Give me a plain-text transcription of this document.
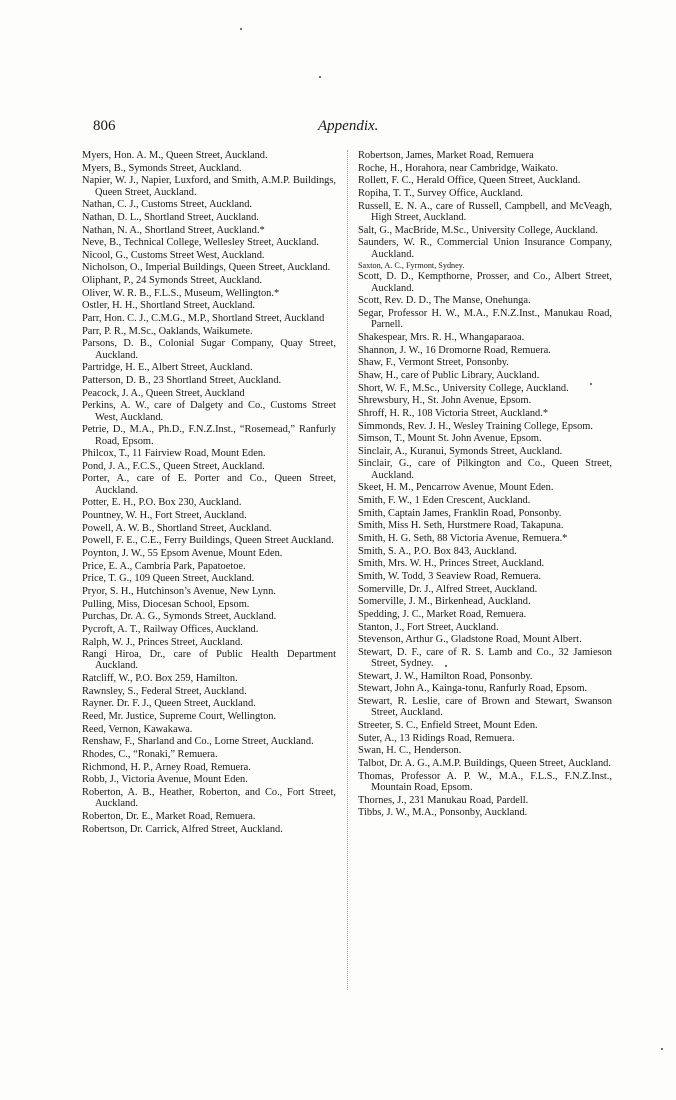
806	Appendix.

Myers, Hon. A. M., Queen Street, Auckland.

Myers, B., Symonds Street, Auckland.

Napier, W. J., Napier, Luxford, and Smith, A.M.P. Buildings, Queen Street, Auckland.

Nathan, C. J., Customs Street, Auckland.

Nathan, D. L., Shortland Street, Auckland.

Nathan, N. A., Shortland Street, Auckland.*

Neve, B., Technical College, Wellesley Street, Auckland.

Nicool, G., Customs Street West, Auckland.

Nicholson, O., Imperial Buildings, Queen Street, Auckland.

Oliphant, P., 24 Symonds Street, Auckland.

Oliver, W. R. B., F.L.S., Museum, Wellington.*

Ostler, H. H., Shortland Street, Auckland.

Parr, Hon. C. J., C.M.G., M.P., Shortland Street, Auckland

Parr, P. R., M.Sc., Oaklands, Waikumete.

Parsons, D. B., Colonial Sugar Company, Quay Street, Auckland.

Partridge, H. E., Albert Street, Auckland.

Patterson, D. B., 23 Shortland Street, Auckland.

Peacock, J. A., Queen Street, Auckland

Perkins, A. W., care of Dalgety and Co., Customs Street West, Auckland.

Petrie, D., M.A., Ph.D., F.N.Z.Inst., “Rosemead,” Ranfurly Road, Epsom.

Philcox, T., 11 Fairview Road, Mount Eden.

Pond, J. A., F.C.S., Queen Street, Auckland.

Porter, A., care of E. Porter and Co., Queen Street, Auckland.

Potter, E. H., P.O. Box 230, Auckland.

Pountney, W. H., Fort Street, Auckland.

Powell, A. W. B., Shortland Street, Auckland.

Powell, F. E., C.E., Ferry Buildings, Queen Street Auckland.

Poynton, J. W., 55 Epsom Avenue, Mount Eden.

Price, E. A., Cambria Park, Papatoetoe.

Price, T. G., 109 Queen Street, Auckland.

Pryor, S. H., Hutchinson’s Avenue, New Lynn.

Pulling, Miss, Diocesan School, Epsom.

Purchas, Dr. A. G., Symonds Street, Auckland.

Pycroft, A. T., Railway Offices, Auckland.

Ralph, W. J., Princes Street, Auckland.

Rangi Hiroa, Dr., care of Public Health Department Auckland.

Ratcliff, W., P.O. Box 259, Hamilton.

Rawnsley, S., Federal Street, Auckland.

Rayner. Dr. F. J., Queen Street, Auckland.

Reed, Mr. Justice, Supreme Court, Wellington.

Reed, Vernon, Kawakawa.

Renshaw, F., Sharland and Co., Lorne Street, Auckland.

Rhodes, C., “Ronaki,” Remuera.

Richmond, H. P., Arney Road, Remuera.

Robb, J., Victoria Avenue, Mount Eden.

Roberton, A. B., Heather, Roberton, and Co., Fort Street, Auckland.

Roberton, Dr. E., Market Road, Remuera.

Robertson, Dr. Carrick, Alfred Street, Auckland.

Robertson, James, Market Road, Remuera

Roche, H., Horahora, near Cambridge, Waikato.

Rollett, F. C., Herald Office, Queen Street, Auckland.

Ropiha, T. T., Survey Office, Auckland.

Russell, E. N. A., care of Russell, Campbell, and McVeagh, High Street, Auckland.

Salt, G., MacBride, M.Sc., University College, Auckland.

Saunders, W. R., Commercial Union Insurance Company, Auckland.

Saxton, A. C., Fyrmont, Sydney.

Scott, D. D., Kempthorne, Prosser, and Co., Albert Street, Auckland.

Scott, Rev. D. D., The Manse, Onehunga.

Segar, Professor H. W., M.A., F.N.Z.Inst., Manukau Road, Parnell.

Shakespear, Mrs. R. H., Whangaparaoa.

Shannon, J. W., 16 Dromorne Road, Remuera.

Shaw, F., Vermont Street, Ponsonby.

Shaw, H., care of Public Library, Auckland.

Short, W. F., M.Sc., University College, Auckland.

Shrewsbury, H., St. John Avenue, Epsom.

Shroff, H. R., 108 Victoria Street, Auckland.*

Simmonds, Rev. J. H., Wesley Training College, Epsom.

Simson, T., Mount St. John Avenue, Epsom.

Sinclair, A., Kuranui, Symonds Street, Auckland.

Sinclair, G., care of Pilkington and Co., Queen Street, Auckland.

Skeet, H. M., Pencarrow Avenue, Mount Eden.

Smith, F. W., 1 Eden Crescent, Auckland.

Smith, Captain James, Franklin Road, Ponsonby.

Smith, Miss H. Seth, Hurstmere Road, Takapuna.

Smith, H. G. Seth, 88 Victoria Avenue, Remuera.*

Smith, S. A., P.O. Box 843, Auckland.

Smith, Mrs. W. H., Princes Street, Auckland.

Smith, W. Todd, 3 Seaview Road, Remuera.

Somerville, Dr. J., Alfred Street, Auckland.

Somerville, J. M., Birkenhead, Auckland.

Spedding, J. C., Market Road, Remuera.

Stanton, J., Fort Street, Auckland.

Stevenson, Arthur G., Gladstone Road, Mount Albert.

Stewart, D. F., care of R. S. Lamb and Co., 32 Jamieson Street, Sydney.

Stewart, J. W., Hamilton Road, Ponsonby.

Stewart, John A., Kainga-tonu, Ranfurly Road, Epsom.

Stewart, R. Leslie, care of Brown and Stewart, Swanson Street, Auckland.

Streeter, S. C., Enfield Street, Mount Eden.

Suter, A., 13 Ridings Road, Remuera.

Swan, H. C., Henderson.

Talbot, Dr. A. G., A.M.P. Buildings, Queen Street, Auckland.

Thomas, Professor A. P. W., M.A., F.L.S., F.N.Z.Inst., Mountain Road, Epsom.

Thornes, J., 231 Manukau Road, Pardell.

Tibbs, J. W., M.A., Ponsonby, Auckland.
